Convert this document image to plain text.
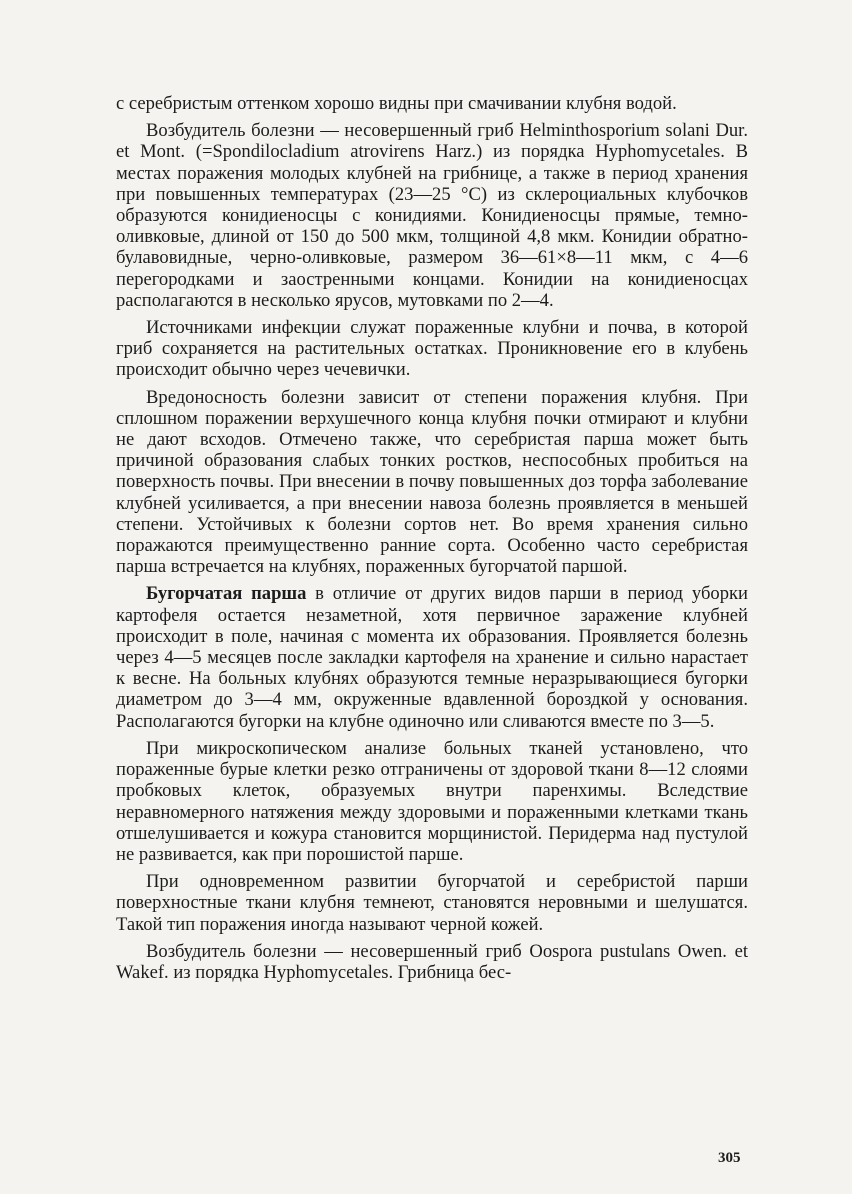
с серебристым оттенком хорошо видны при смачивании клубня водой.

Возбудитель болезни — несовершенный гриб Helminthosporium solani Dur. et Mont. (=Spondilocladium atrovirens Harz.) из порядка Hyphomycetales. В местах поражения молодых клубней на грибнице, а также в период хранения при повышенных температурах (23—25 °С) из склероциальных клубочков образуются конидиеносцы с конидиями. Конидиеносцы прямые, темно-оливковые, длиной от 150 до 500 мкм, толщиной 4,8 мкм. Конидии обратно-булавовидные, черно-оливковые, размером 36—61×8—11 мкм, с 4—6 перегородками и заостренными концами. Конидии на конидиеносцах располагаются в несколько ярусов, мутовками по 2—4.

Источниками инфекции служат пораженные клубни и почва, в которой гриб сохраняется на растительных остатках. Проникновение его в клубень происходит обычно через чечевички.

Вредоносность болезни зависит от степени поражения клубня. При сплошном поражении верхушечного конца клубня почки отмирают и клубни не дают всходов. Отмечено также, что серебристая парша может быть причиной образования слабых тонких ростков, неспособных пробиться на поверхность почвы. При внесении в почву повышенных доз торфа заболевание клубней усиливается, а при внесении навоза болезнь проявляется в меньшей степени. Устойчивых к болезни сортов нет. Во время хранения сильно поражаются преимущественно ранние сорта. Особенно часто серебристая парша встречается на клубнях, пораженных бугорчатой паршой.

Бугорчатая парша в отличие от других видов парши в период уборки картофеля остается незаметной, хотя первичное заражение клубней происходит в поле, начиная с момента их образования. Проявляется болезнь через 4—5 месяцев после закладки картофеля на хранение и сильно нарастает к весне. На больных клубнях образуются темные неразрывающиеся бугорки диаметром до 3—4 мм, окруженные вдавленной бороздкой у основания. Располагаются бугорки на клубне одиночно или сливаются вместе по 3—5.

При микроскопическом анализе больных тканей установлено, что пораженные бурые клетки резко отграничены от здоровой ткани 8—12 слоями пробковых клеток, образуемых внутри паренхимы. Вследствие неравномерного натяжения между здоровыми и пораженными клетками ткань отшелушивается и кожура становится морщинистой. Перидерма над пустулой не развивается, как при порошистой парше.

При одновременном развитии бугорчатой и серебристой парши поверхностные ткани клубня темнеют, становятся неровными и шелушатся. Такой тип поражения иногда называют черной кожей.

Возбудитель болезни — несовершенный гриб Oospora pustulans Owen. et Wakef. из порядка Hyphomycetales. Грибница бес-

305
